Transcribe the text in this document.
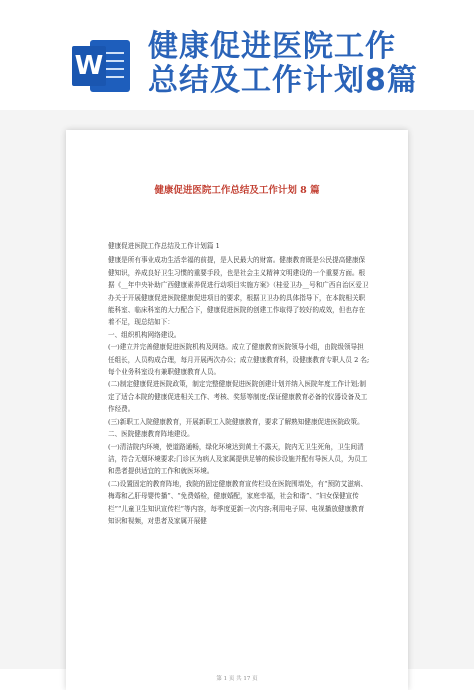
W
健康促进医院工作
总结及工作计划8篇
健康促进医院工作总结及工作计划 8 篇

健康促进医院工作总结及工作计划篇 1

健康是所有事业成功生活幸福的前提，是人民最大的财富。健康教育既是公民提高健康保健知识，养成良好卫生习惯的重要手段，也是社会主义精神文明建设的一个重要方面。根据《__年中央补助广西健康素养促进行动项目实施方案》（桂爱卫办__号和广西自治区爱卫办关于开展健康促进医院健康促进项目的要求，根据卫卫办的具体指导下，在本院相关职能科室、临床科室的大力配合下，健康促进医院的创建工作取得了较好的成效，但也存在着不足，现总结如下：

一、组织机构网络建设。

(一)建立并完善健康促进医院机构及网络。成立了健康教育医院领导小组，由院级领导担任组长，人员构成合理，每月开展两次办公；成立健康教育科，设健康教育专职人员 2 名;每个业务科室设有兼职健康教育人员。

(二)制定健康促进医院政策，制定完整健康促进医院创建计划并纳入医院年度工作计划;制定了适合本院的健康促进相关工作、考核、奖惩等制度;保证健康教育必备的仪器设备及工作经费。

(三)新职工入院健康教育，开展新职工入院健康教育，要求了解熟知健康促进医院政策。

二、医院健康教育阵地建设。

(一)清洁院内环境，使道路通畅，绿化环境达到黄土不露天，院内无卫生死角，卫生间清洁，符合无烟环境要求;门诊区为病人及家属提供足够的候诊设施并配有导医人员，为员工和患者提供适宜的工作和就医环境。

(二)设置固定的教育阵地，我院的固定健康教育宣传栏设在医院围墙处，有“预防艾滋病、梅毒和乙肝母婴传播”、“免费婚检，健康婚配，家庭幸福，社会和谐”、“妇女保健宣传栏”“儿童卫生知识宣传栏”等内容，每季度更新一次内容;利用电子屏、电视播放健康教育知识和视频，对患者及家属开展健

第 1 页 共 17 页
